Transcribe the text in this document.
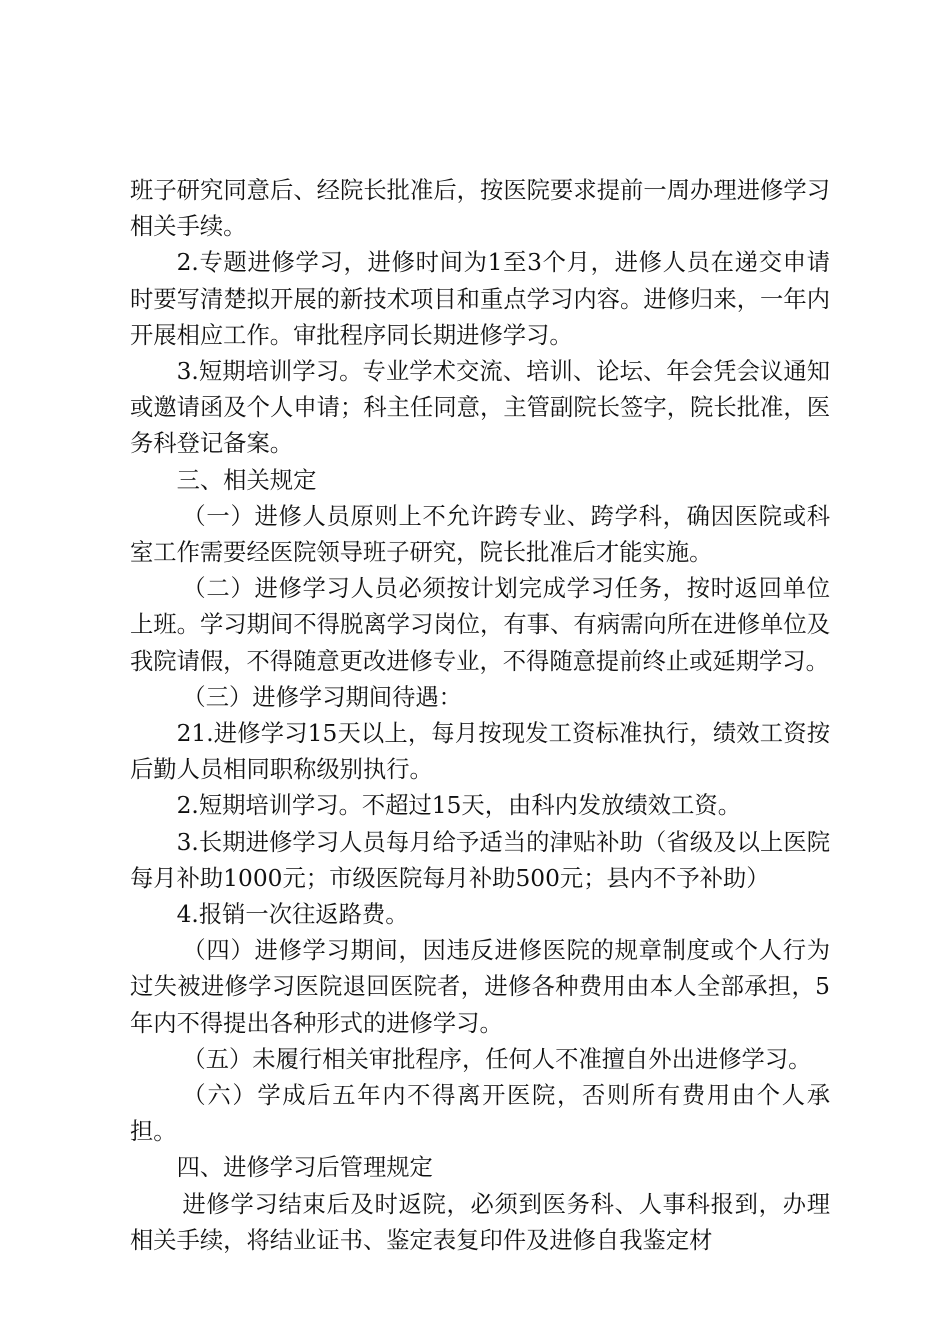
班子研究同意后、经院长批准后，按医院要求提前一周办理进修学习相关手续。

2.专题进修学习，进修时间为1至3个月，进修人员在递交申请时要写清楚拟开展的新技术项目和重点学习内容。进修归来，一年内开展相应工作。审批程序同长期进修学习。

3.短期培训学习。专业学术交流、培训、论坛、年会凭会议通知或邀请函及个人申请；科主任同意，主管副院长签字，院长批准，医务科登记备案。

三、相关规定

（一）进修人员原则上不允许跨专业、跨学科，确因医院或科室工作需要经医院领导班子研究，院长批准后才能实施。

（二）进修学习人员必须按计划完成学习任务，按时返回单位上班。学习期间不得脱离学习岗位，有事、有病需向所在进修单位及我院请假，不得随意更改进修专业，不得随意提前终止或延期学习。

（三）进修学习期间待遇：

21.进修学习15天以上，每月按现发工资标准执行，绩效工资按后勤人员相同职称级别执行。

2.短期培训学习。不超过15天，由科内发放绩效工资。

3.长期进修学习人员每月给予适当的津贴补助（省级及以上医院每月补助1000元；市级医院每月补助500元；县内不予补助）

4.报销一次往返路费。

（四）进修学习期间，因违反进修医院的规章制度或个人行为过失被进修学习医院退回医院者，进修各种费用由本人全部承担，5年内不得提出各种形式的进修学习。

（五）未履行相关审批程序，任何人不准擅自外出进修学习。

（六）学成后五年内不得离开医院，否则所有费用由个人承担。

四、进修学习后管理规定

进修学习结束后及时返院，必须到医务科、人事科报到，办理相关手续，将结业证书、鉴定表复印件及进修自我鉴定材
